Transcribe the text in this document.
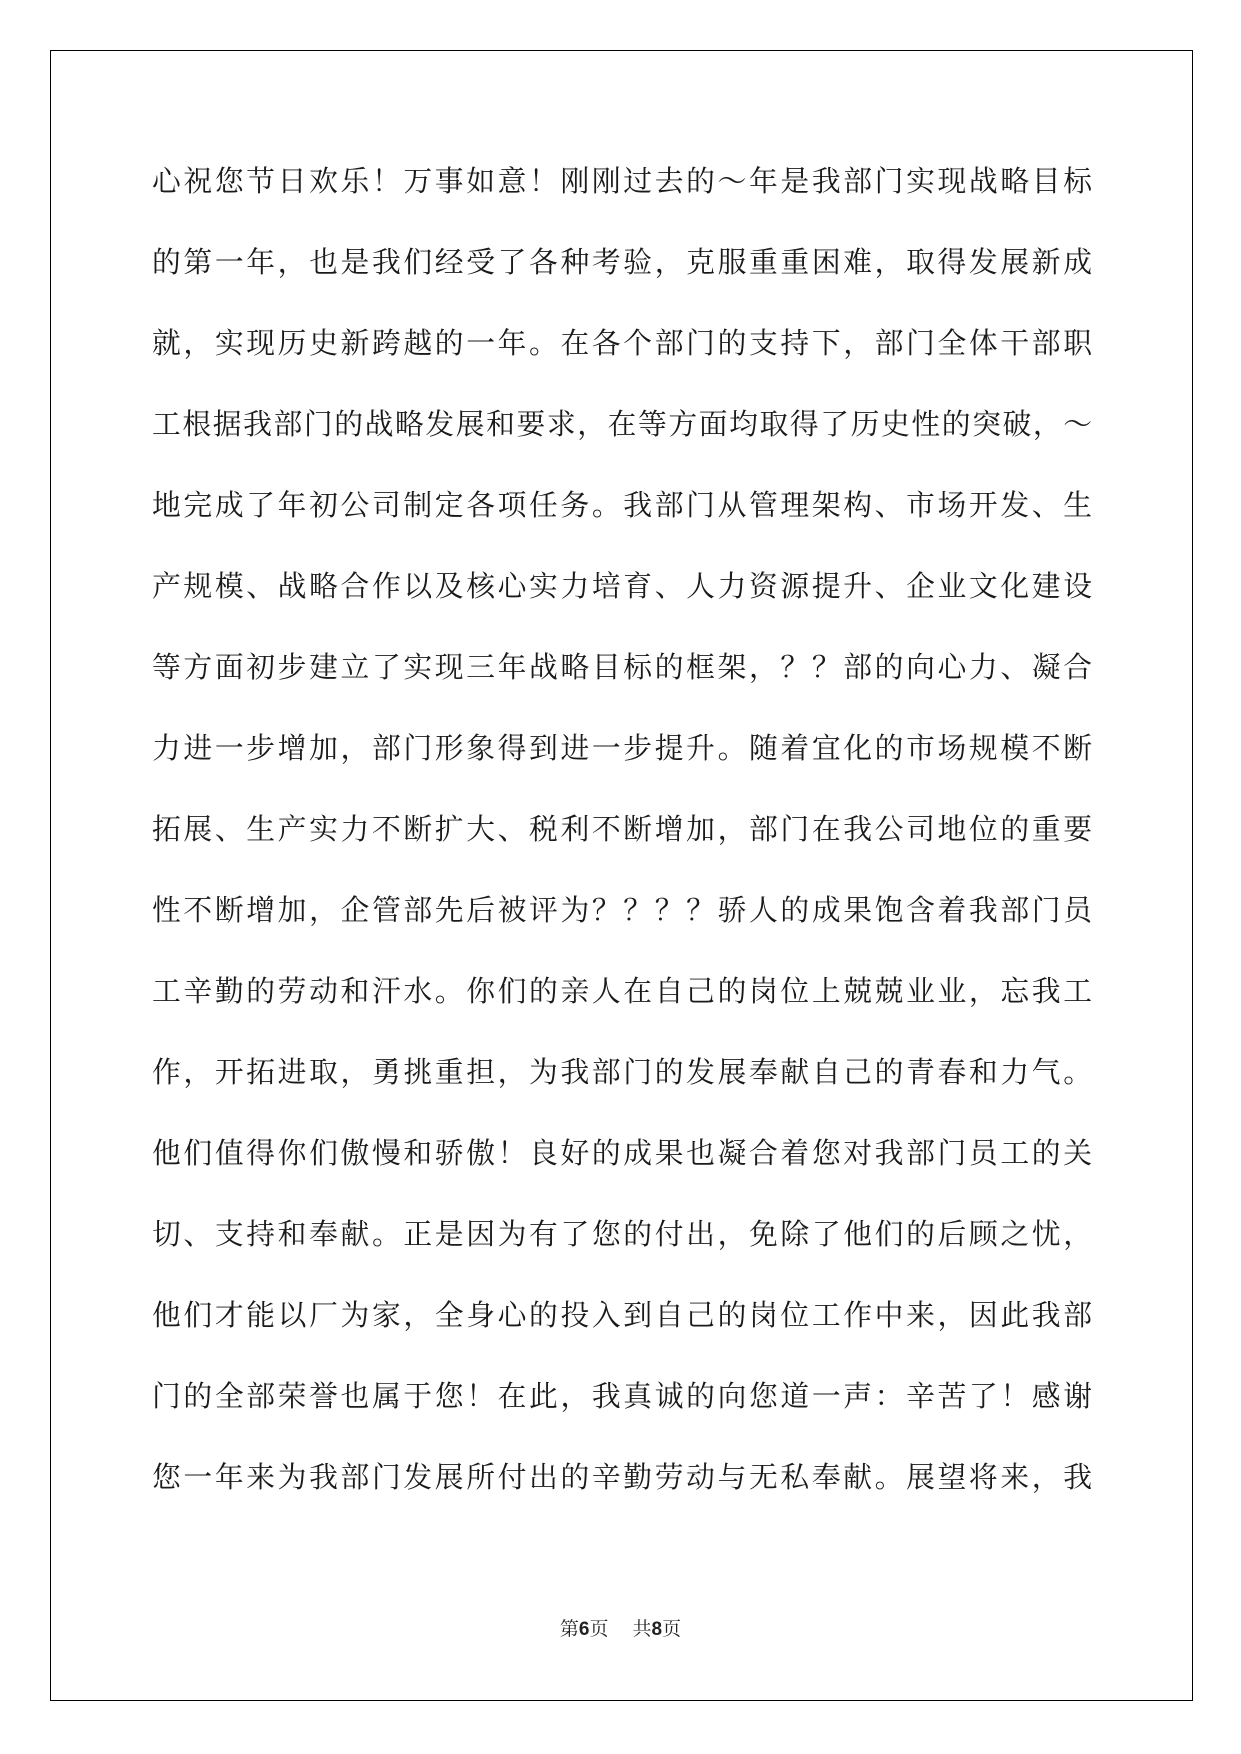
心祝您节日欢乐！万事如意！刚刚过去的～年是我部门实现战略目标
的第一年，也是我们经受了各种考验，克服重重困难，取得发展新成
就，实现历史新跨越的一年。在各个部门的支持下，部门全体干部职
工根据我部门的战略发展和要求，在等方面均取得了历史性的突破，～
地完成了年初公司制定各项任务。我部门从管理架构、市场开发、生
产规模、战略合作以及核心实力培育、人力资源提升、企业文化建设
等方面初步建立了实现三年战略目标的框架，？？部的向心力、凝合
力进一步增加，部门形象得到进一步提升。随着宜化的市场规模不断
拓展、生产实力不断扩大、税利不断增加，部门在我公司地位的重要
性不断增加，企管部先后被评为？？？？骄人的成果饱含着我部门员
工辛勤的劳动和汗水。你们的亲人在自己的岗位上兢兢业业，忘我工
作，开拓进取，勇挑重担，为我部门的发展奉献自己的青春和力气。
他们值得你们傲慢和骄傲！良好的成果也凝合着您对我部门员工的关
切、支持和奉献。正是因为有了您的付出，免除了他们的后顾之忧，
他们才能以厂为家，全身心的投入到自己的岗位工作中来，因此我部
门的全部荣誉也属于您！在此，我真诚的向您道一声：辛苦了！感谢
您一年来为我部门发展所付出的辛勤劳动与无私奉献。展望将来，我
第6页 共8页
